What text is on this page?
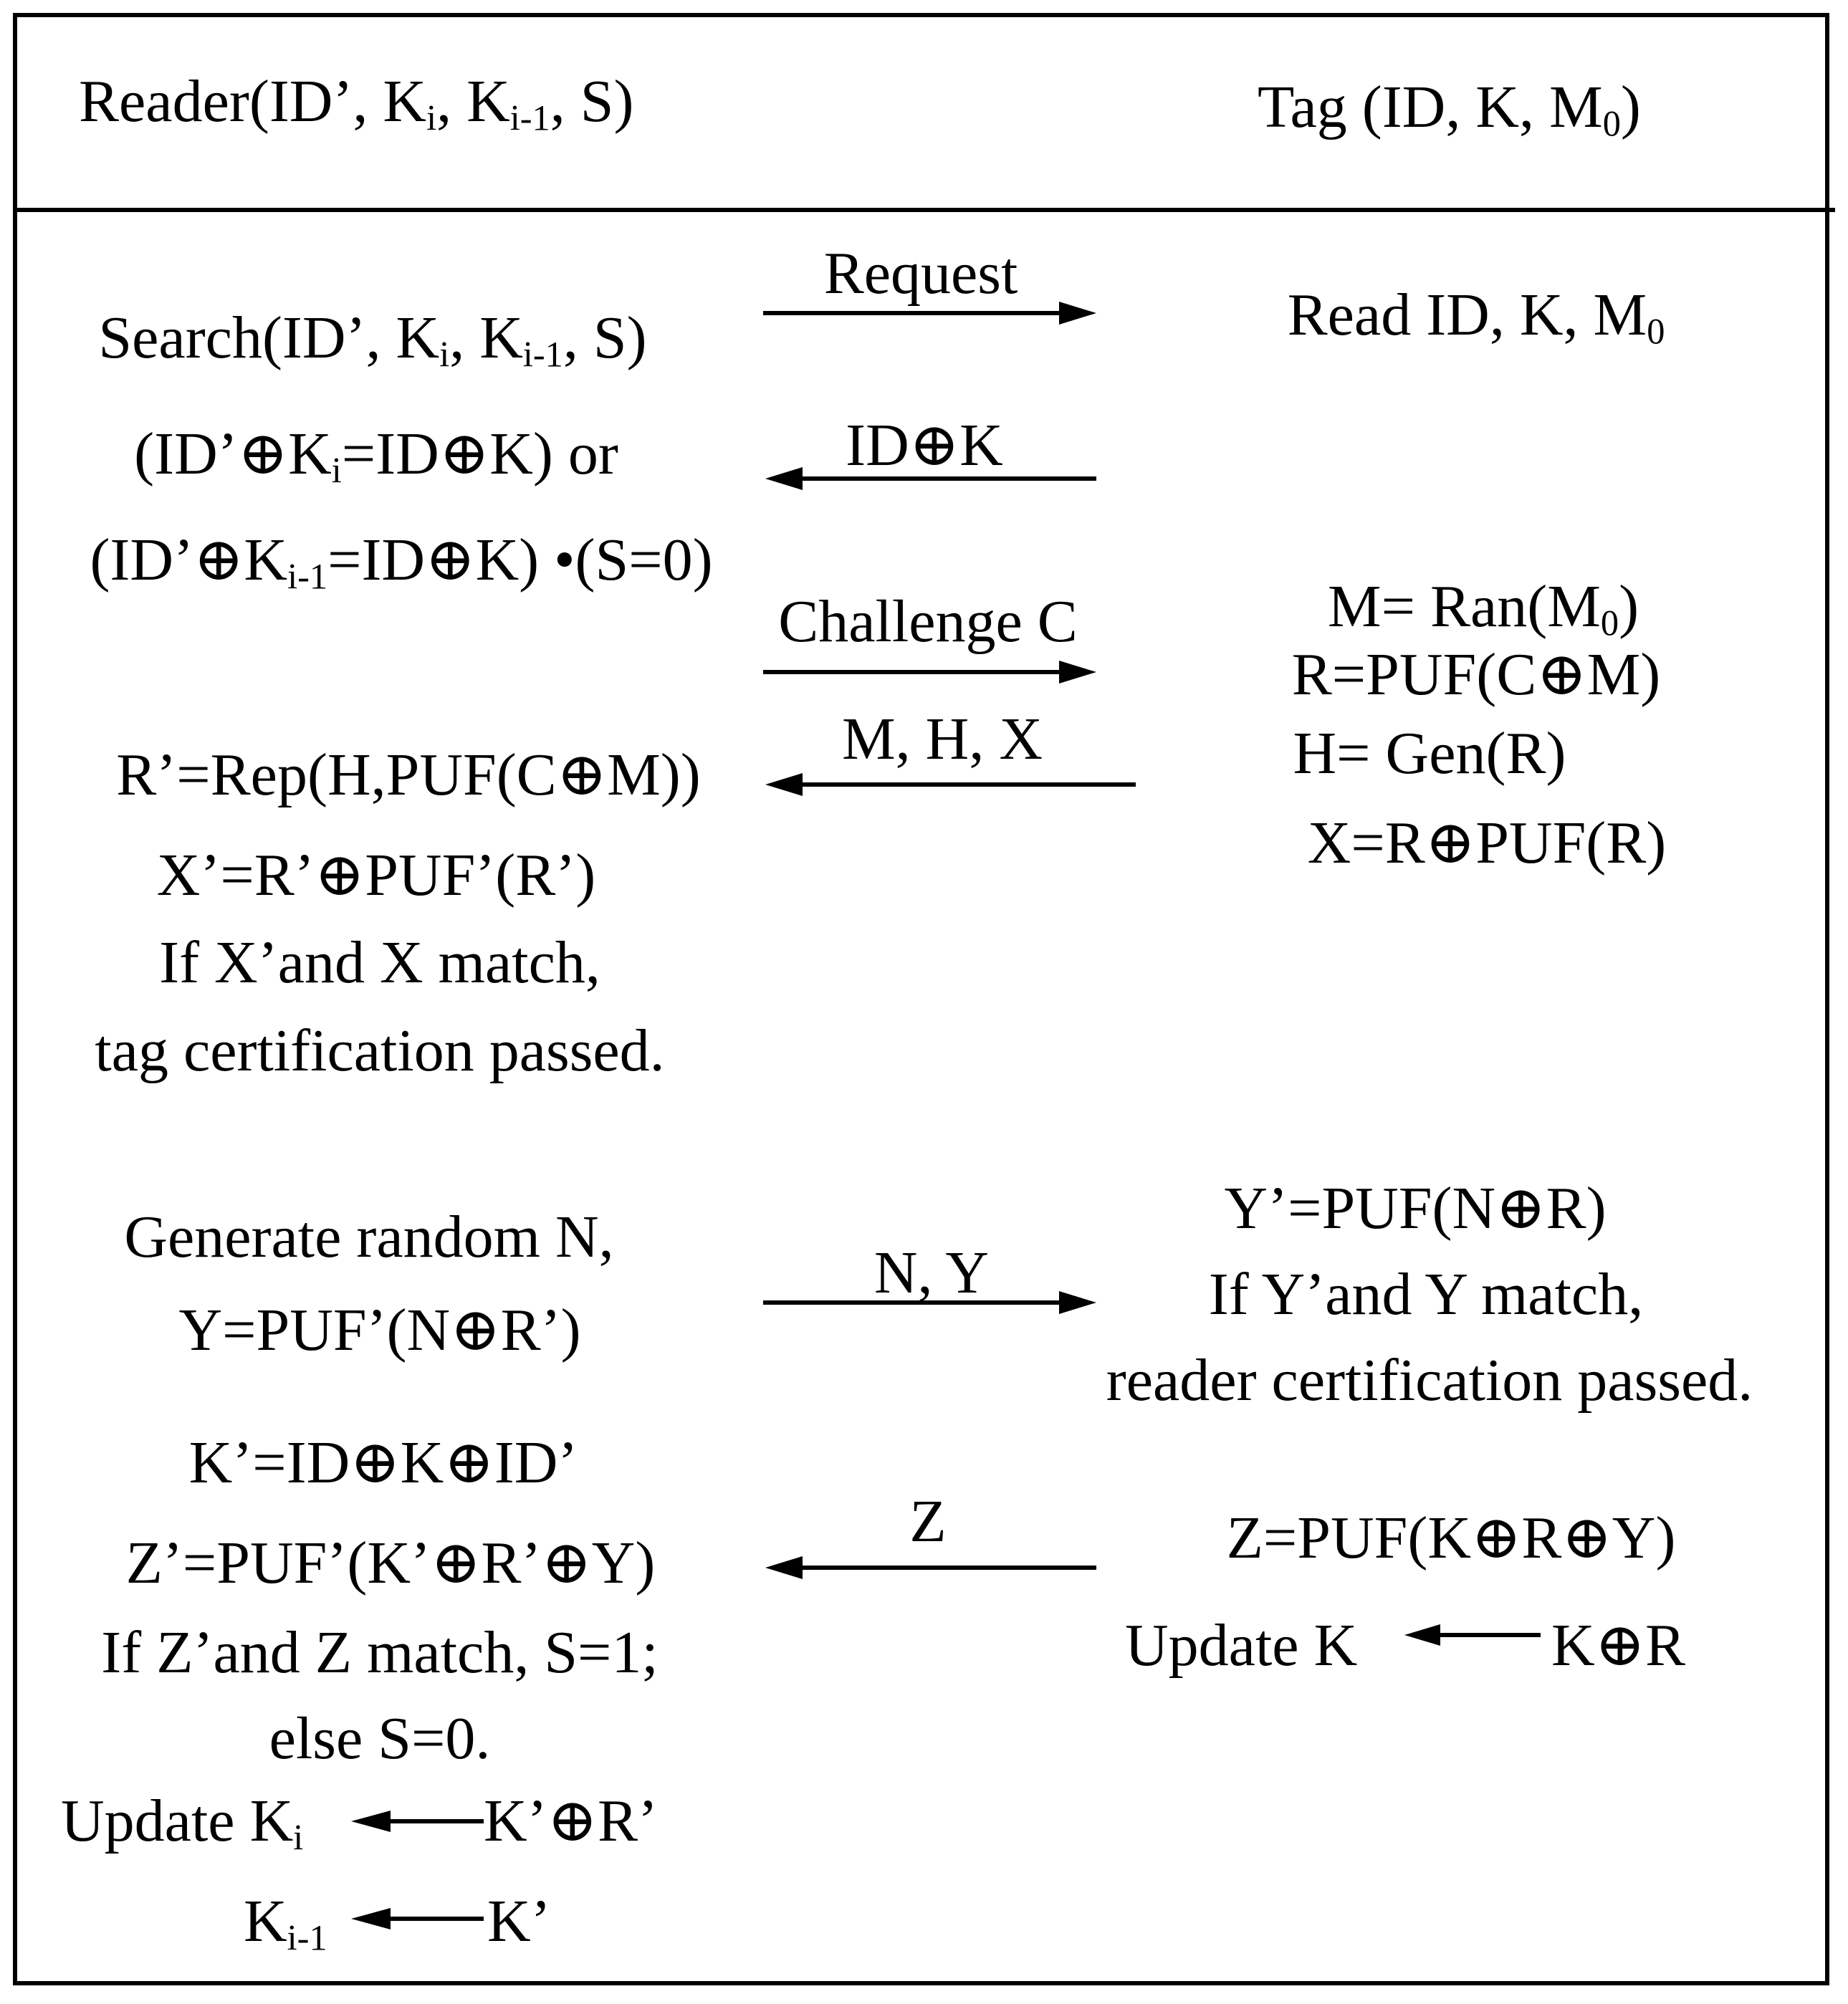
Reader(ID’, $K_i$, $K_{i-1}$, S)	Tag (ID, K, $M_0$)
Search(ID’, $K_i$, $K_{i-1}$, S)
$(ID’\oplus K_i=ID\oplus K)$ or
$(ID’\oplus K_{i-1}=ID\oplus K)$ •(S=0)
R’=Rep(H,PUF(C⊕M))
X’=R’⊕PUF’(R’)
If X’and X match,
tag certification passed.
Generate random N,
Y=PUF’(N⊕R’)
K’=ID⊕K⊕ID’
Z’=PUF’(K’⊕R’⊕Y)
If Z’and Z match, S=1;
else S=0.
Update $K_i$	K’⊕R’
$K_{i-1}$	K’
Request
ID⊕K
Challenge C
M, H, X
N, Y
Z
Read ID, K, $M_0$
$M= Ran(M_0)$
R=PUF(C⊕M)
H= Gen(R)
X=R⊕PUF(R)
Y’=PUF(N⊕R)
If Y’and Y match,
reader certification passed.
Z=PUF(K⊕R⊕Y)
Update K	K⊕R
